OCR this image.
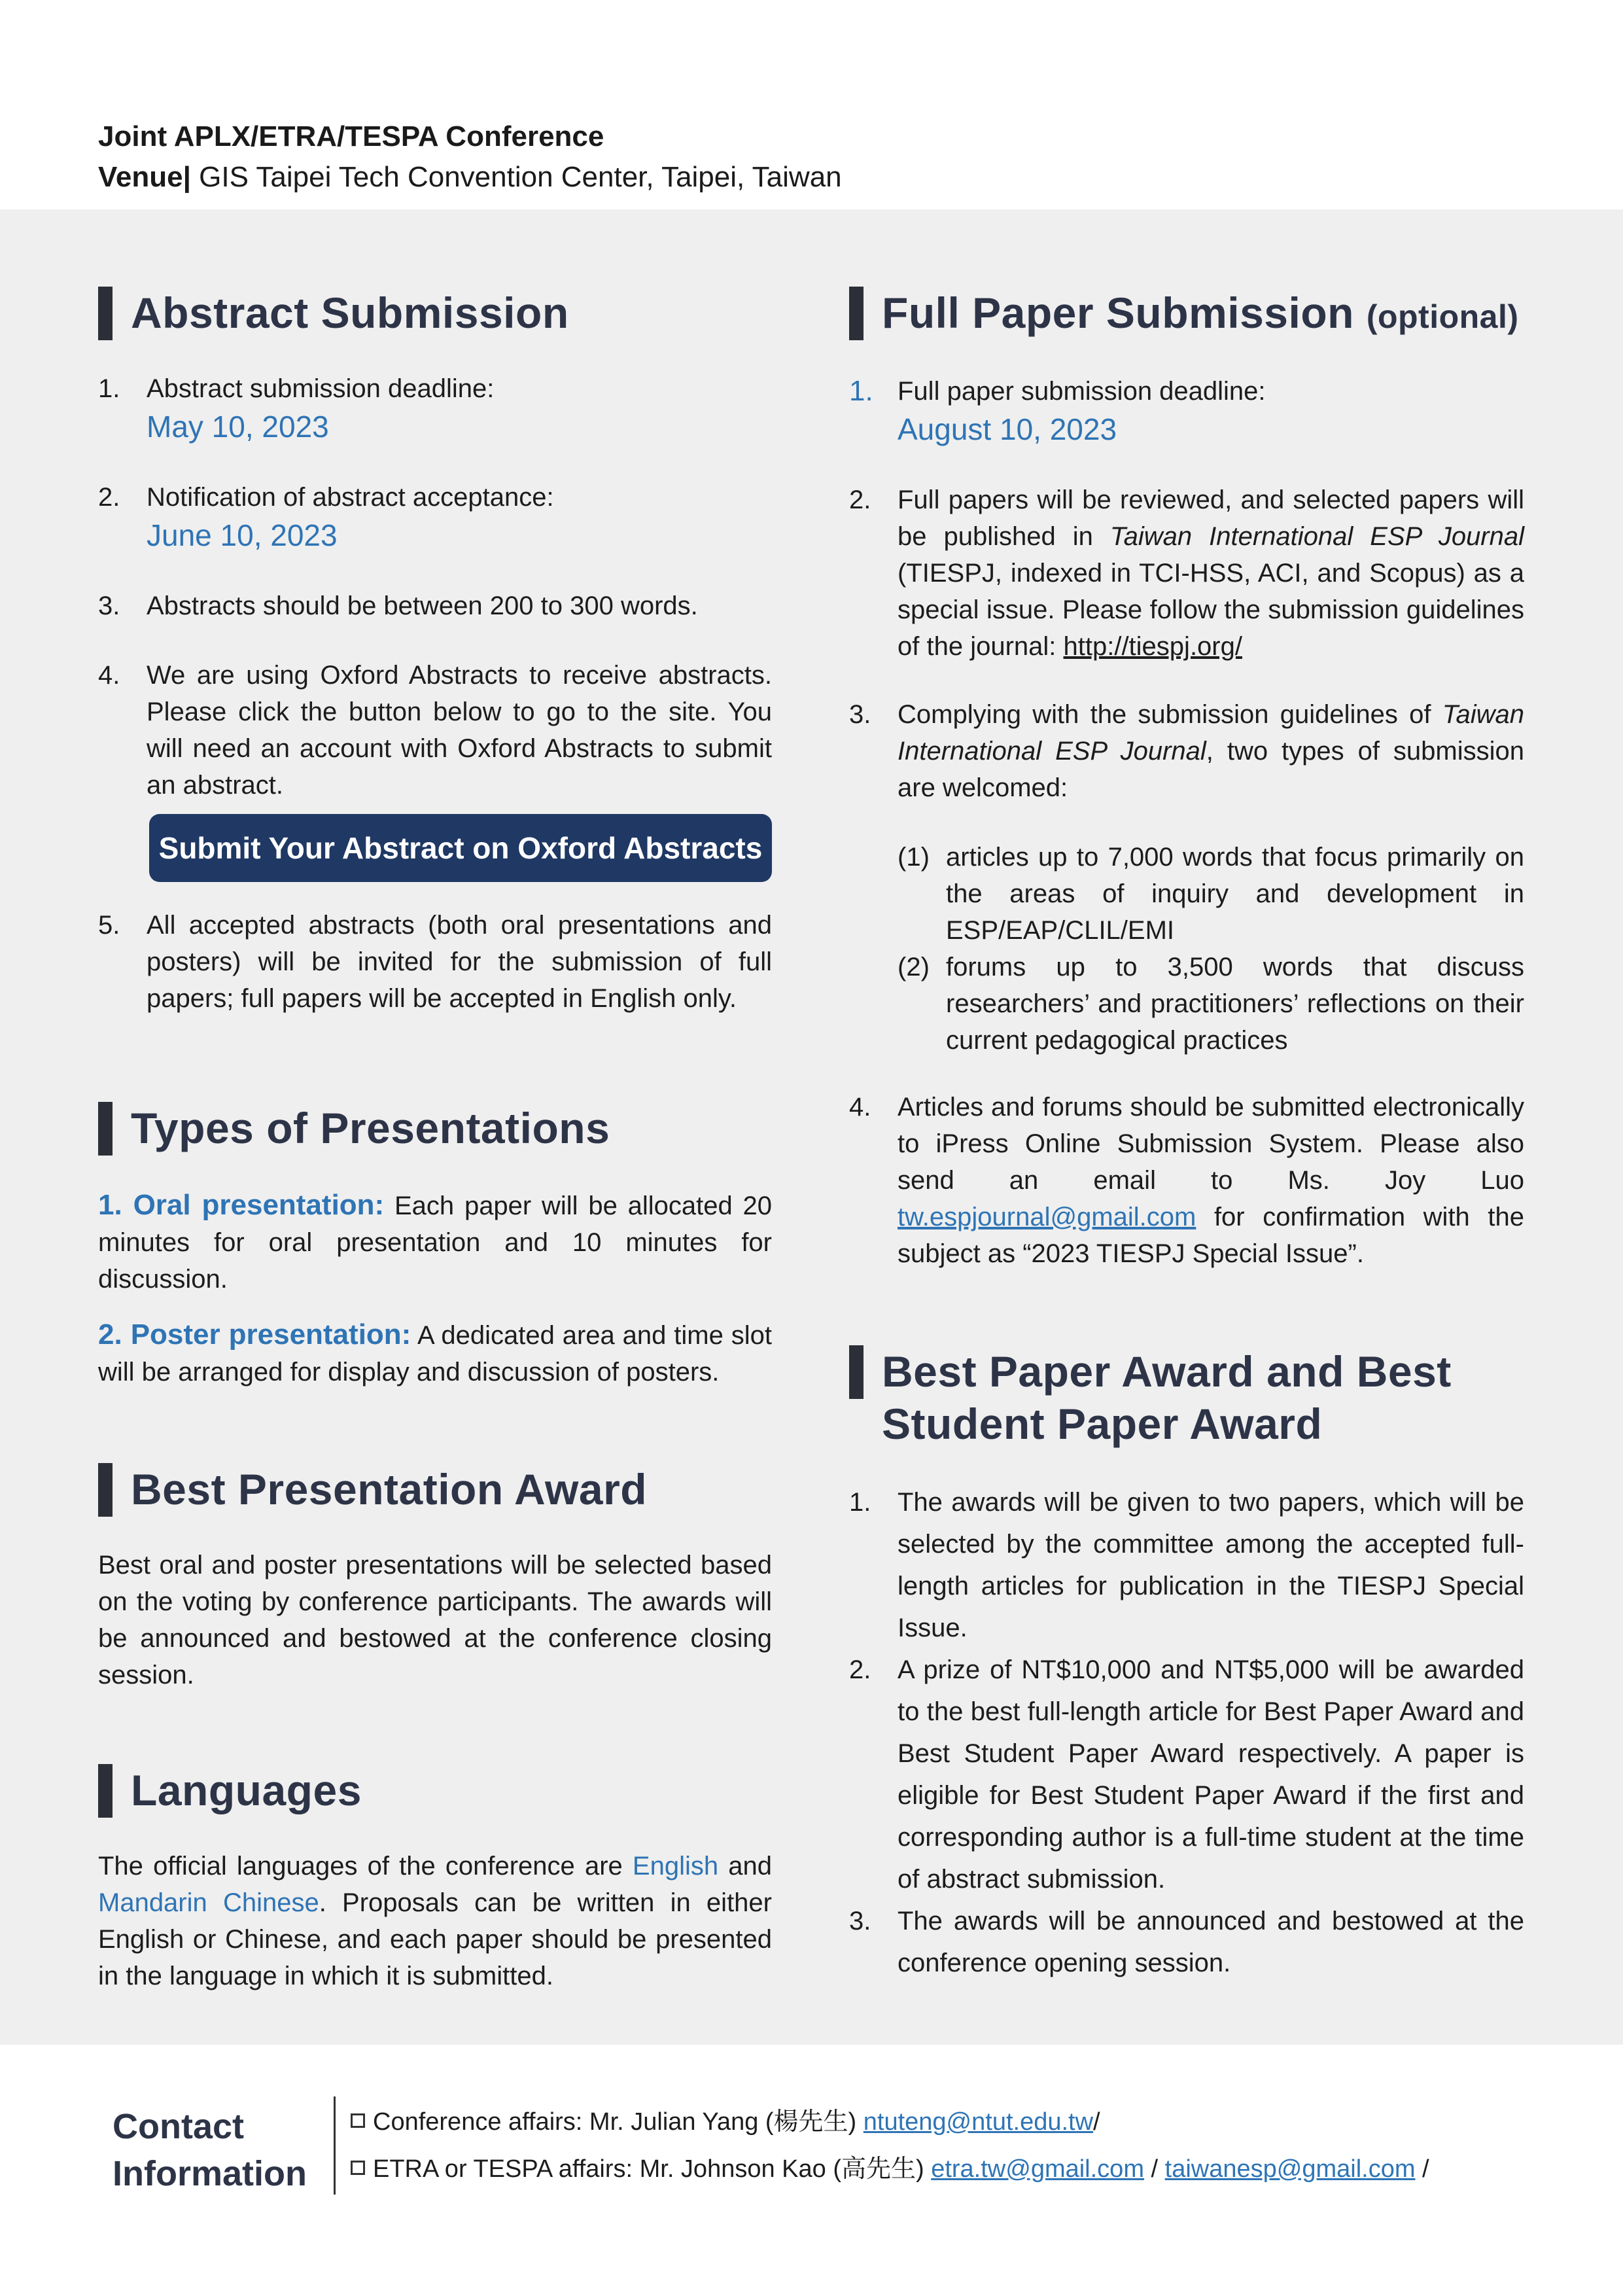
Joint APLX/ETRA/TESPA Conference
Venue| GIS Taipei Tech Convention Center, Taipei, Taiwan
Abstract Submission
1. Abstract submission deadline:
May 10, 2023
2. Notification of abstract acceptance:
June 10, 2023
3. Abstracts should be between 200 to 300 words.
4. We are using Oxford Abstracts to receive abstracts. Please click the button below to go to the site. You will need an account with Oxford Abstracts to submit an abstract.
Submit Your Abstract on Oxford Abstracts
5. All accepted abstracts (both oral presentations and posters) will be invited for the submission of full papers; full papers will be accepted in English only.
Types of Presentations
1. Oral presentation: Each paper will be allocated 20 minutes for oral presentation and 10 minutes for discussion.
2. Poster presentation: A dedicated area and time slot will be arranged for display and discussion of posters.
Best Presentation Award
Best oral and poster presentations will be selected based on the voting by conference participants. The awards will be announced and bestowed at the conference closing session.
Languages
The official languages of the conference are English and Mandarin Chinese. Proposals can be written in either English or Chinese, and each paper should be presented in the language in which it is submitted.
Full Paper Submission (optional)
1. Full paper submission deadline:
August 10, 2023
2. Full papers will be reviewed, and selected papers will be published in Taiwan International ESP Journal (TIESPJ, indexed in TCI-HSS, ACI, and Scopus) as a special issue. Please follow the submission guidelines of the journal: http://tiespj.org/
3. Complying with the submission guidelines of Taiwan International ESP Journal, two types of submission are welcomed:
(1) articles up to 7,000 words that focus primarily on the areas of inquiry and development in ESP/EAP/CLIL/EMI
(2) forums up to 3,500 words that discuss researchers’ and practitioners’ reflections on their current pedagogical practices
4. Articles and forums should be submitted electronically to iPress Online Submission System. Please also send an email to Ms. Joy Luo tw.espjournal@gmail.com for confirmation with the subject as “2023 TIESPJ Special Issue”.
Best Paper Award and Best
Student Paper Award
1. The awards will be given to two papers, which will be selected by the committee among the accepted full-length articles for publication in the TIESPJ Special Issue.
2. A prize of NT$10,000 and NT$5,000 will be awarded to the best full-length article for Best Paper Award and Best Student Paper Award respectively. A paper is eligible for Best Student Paper Award if the first and corresponding author is a full-time student at the time of abstract submission.
3. The awards will be announced and bestowed at the conference opening session.
Contact
Information
Conference affairs: Mr. Julian Yang (楊先生) ntuteng@ntut.edu.tw/
ETRA or TESPA affairs: Mr. Johnson Kao (高先生) etra.tw@gmail.com / taiwanesp@gmail.com /
